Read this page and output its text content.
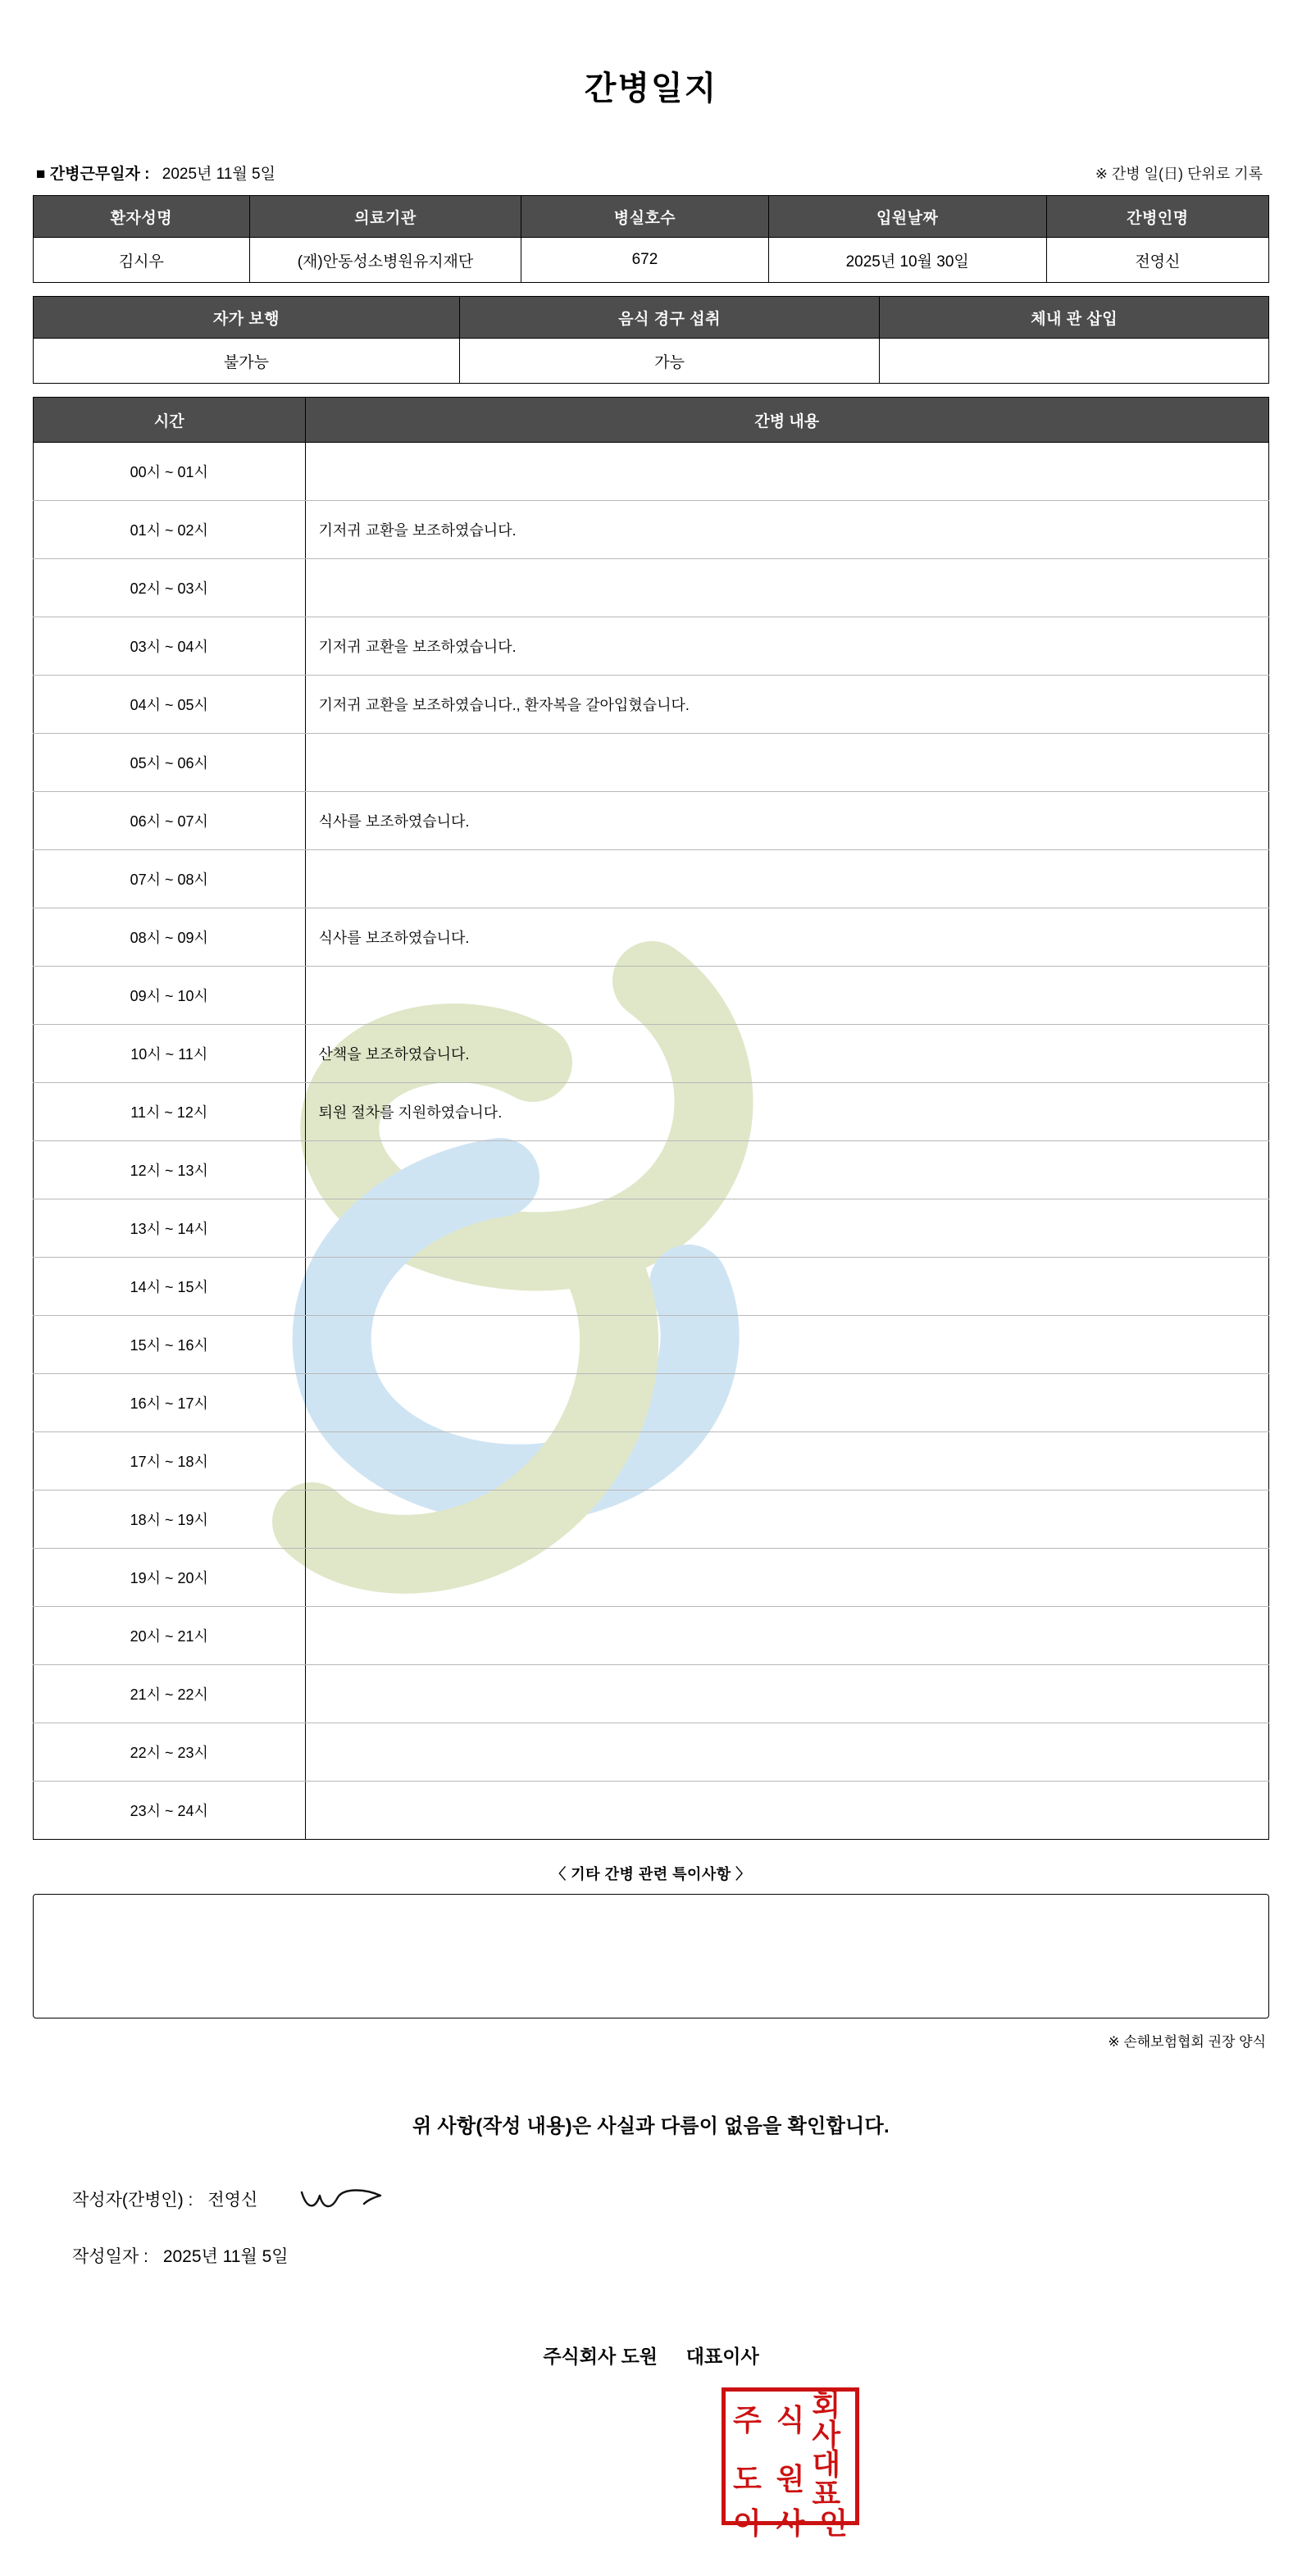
간병일지
■ 간병근무일자 : 2025년 11월 5일	※ 간병 일(日) 단위로 기록
환자성명	의료기관	병실호수	입원날짜	간병인명
김시우	(재)안동성소병원유지재단	672	2025년 10월 30일	전영신
자가 보행	음식 경구 섭취	체내 관 삽입
불가능	가능	
시간	간병 내용
00시 ~ 01시	
01시 ~ 02시	기저귀 교환을 보조하였습니다.
02시 ~ 03시	
03시 ~ 04시	기저귀 교환을 보조하였습니다.
04시 ~ 05시	기저귀 교환을 보조하였습니다., 환자복을 갈아입혔습니다.
05시 ~ 06시	
06시 ~ 07시	식사를 보조하였습니다.
07시 ~ 08시	
08시 ~ 09시	식사를 보조하였습니다.
09시 ~ 10시	
10시 ~ 11시	산책을 보조하였습니다.
11시 ~ 12시	퇴원 절차를 지원하였습니다.
12시 ~ 13시	
13시 ~ 14시	
14시 ~ 15시	
15시 ~ 16시	
16시 ~ 17시	
17시 ~ 18시	
18시 ~ 19시	
19시 ~ 20시	
20시 ~ 21시	
21시 ~ 22시	
22시 ~ 23시	
23시 ~ 24시	
〈 기타 간병 관련 특이사항 〉
※ 손해보험협회 권장 양식
위 사항(작성 내용)은 사실과 다름이 없음을 확인합니다.
작성자(간병인) : 전영신
작성일자 : 2025년 11월 5일
주식회사 도원 대표이사
주 식 회사
도 원 대표
이 사 인
